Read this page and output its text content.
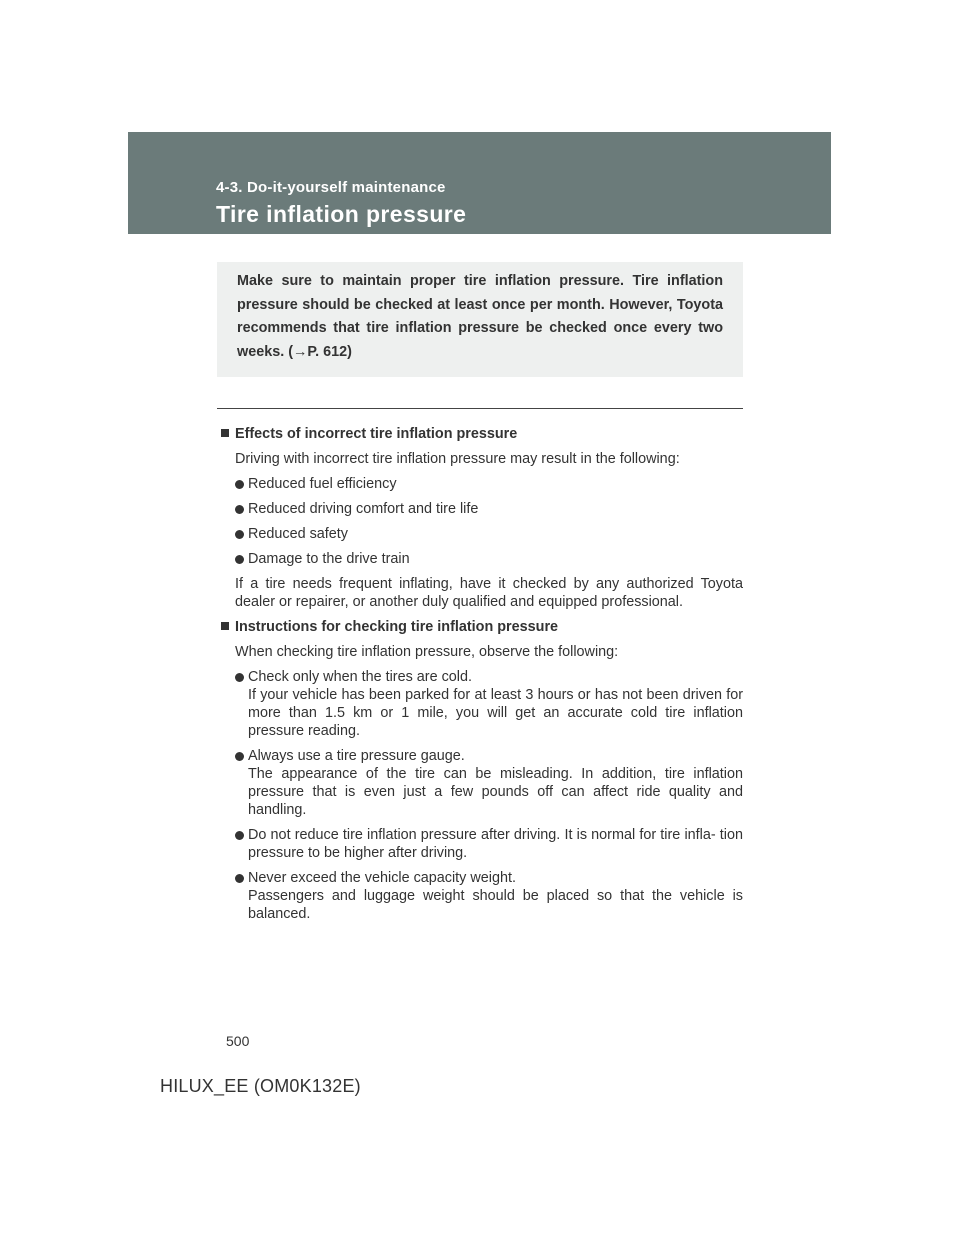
4-3. Do-it-yourself maintenance
Tire inflation pressure

Make sure to maintain proper tire inflation pressure. Tire inflation pressure should be checked at least once per month. However, Toyota recommends that tire inflation pressure be checked once every two weeks. (→P. 612)

Effects of incorrect tire inflation pressure
Driving with incorrect tire inflation pressure may result in the following:
Reduced fuel efficiency
Reduced driving comfort and tire life
Reduced safety
Damage to the drive train
If a tire needs frequent inflating, have it checked by any authorized Toyota dealer or repairer, or another duly qualified and equipped professional.
Instructions for checking tire inflation pressure
When checking tire inflation pressure, observe the following:
Check only when the tires are cold.
If your vehicle has been parked for at least 3 hours or has not been driven for more than 1.5 km or 1 mile, you will get an accurate cold tire inflation pressure reading.
Always use a tire pressure gauge.
The appearance of the tire can be misleading. In addition, tire inflation pressure that is even just a few pounds off can affect ride quality and handling.
Do not reduce tire inflation pressure after driving. It is normal for tire infla- tion pressure to be higher after driving.
Never exceed the vehicle capacity weight.
Passengers and luggage weight should be placed so that the vehicle is balanced.
500
HILUX_EE (OM0K132E)
